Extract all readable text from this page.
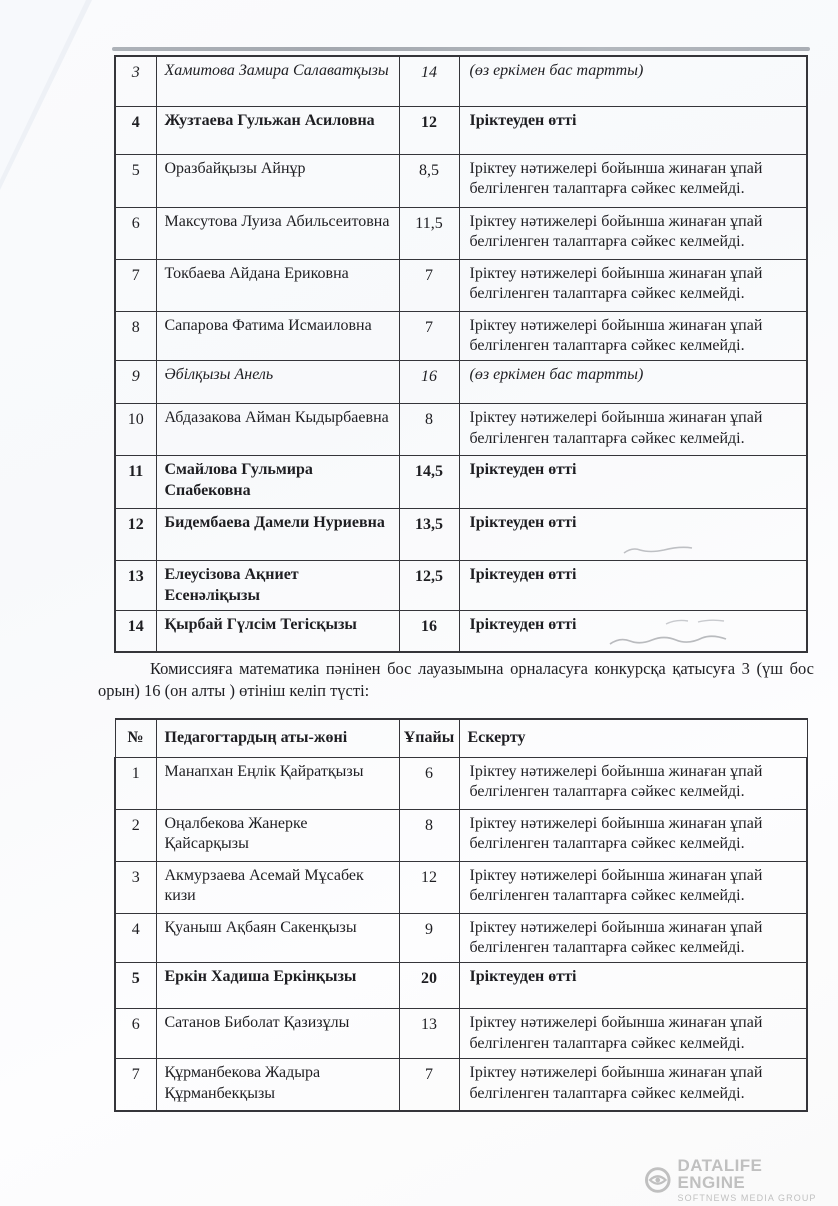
3	Хамитова Замира Салаватқызы	14	(өз еркімен бас тартты)
4	Жузтаева Гульжан Асиловна	12	Іріктеуден өтті
5	Оразбайқызы Айнұр	8,5	Іріктеу нәтижелері бойынша жинаған ұпай белгіленген талаптарға сәйкес келмейді.
6	Максутова Луиза Абильсеитовна	11,5	Іріктеу нәтижелері бойынша жинаған ұпай белгіленген талаптарға сәйкес келмейді.
7	Токбаева Айдана Ериковна	7	Іріктеу нәтижелері бойынша жинаған ұпай белгіленген талаптарға сәйкес келмейді.
8	Сапарова Фатима Исмаиловна	7	Іріктеу нәтижелері бойынша жинаған ұпай белгіленген талаптарға сәйкес келмейді.
9	Әбілқызы Анель	16	(өз еркімен бас тартты)
10	Абдазакова Айман Кыдырбаевна	8	Іріктеу нәтижелері бойынша жинаған ұпай белгіленген талаптарға сәйкес келмейді.
11	Смайлова Гульмира Спабековна	14,5	Іріктеуден өтті
12	Бидембаева Дамели Нуриевна	13,5	Іріктеуден өтті
13	Елеусізова Ақниет Есенәліқызы	12,5	Іріктеуден өтті
14	Қырбай Гүлсім Тегісқызы	16	Іріктеуден өтті

Комиссияға математика пәнінен бос лауазымына орналасуға конкурсқа қатысуға 3 (үш бос орын) 16 (он алты ) өтініш келіп түсті:

№	Педагогтардың аты-жөні	Ұпайы	Ескерту
1	Манапхан Еңлік Қайратқызы	6	Іріктеу нәтижелері бойынша жинаған ұпай белгіленген талаптарға сәйкес келмейді.
2	Оңалбекова Жанерке Қайсарқызы	8	Іріктеу нәтижелері бойынша жинаған ұпай белгіленген талаптарға сәйкес келмейді.
3	Акмурзаева Асемай Мұсабек кизи	12	Іріктеу нәтижелері бойынша жинаған ұпай белгіленген талаптарға сәйкес келмейді.
4	Қуаныш Ақбаян Сакенқызы	9	Іріктеу нәтижелері бойынша жинаған ұпай белгіленген талаптарға сәйкес келмейді.
5	Еркін Хадиша Еркінқызы	20	Іріктеуден өтті
6	Сатанов Биболат Қазизұлы	13	Іріктеу нәтижелері бойынша жинаған ұпай белгіленген талаптарға сәйкес келмейді.
7	Құрманбекова Жадыра Құрманбекқызы	7	Іріктеу нәтижелері бойынша жинаған ұпай белгіленген талаптарға сәйкес келмейді.
DATALIFE ENGINE
SOFTNEWS MEDIA GROUP
